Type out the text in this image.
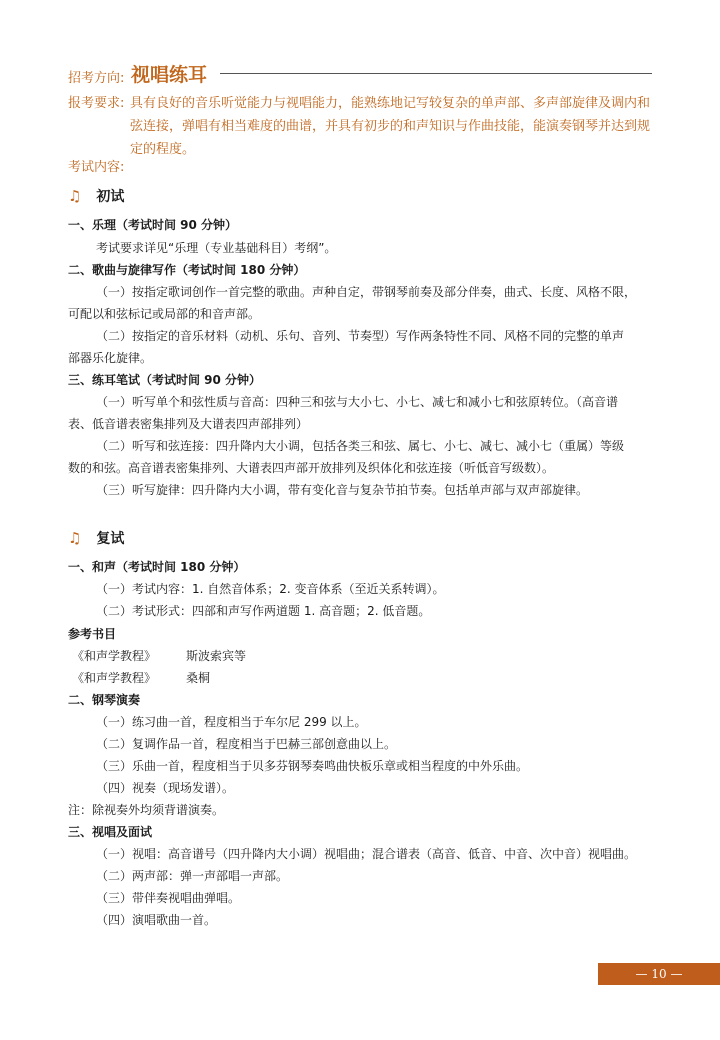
招考方向: 视唱练耳
报考要求: 具有良好的音乐听觉能力与视唱能力，能熟练地记写较复杂的单声部、多声部旋律及调内和弦连接，弹唱有相当难度的曲谱，并具有初步的和声知识与作曲技能，能演奏钢琴并达到规定的程度。
考试内容:
♫ 初试
一、乐理（考试时间 90 分钟）
考试要求详见“乐理（专业基础科目）考纲”。
二、歌曲与旋律写作（考试时间 180 分钟）
（一）按指定歌词创作一首完整的歌曲。声种自定，带钢琴前奏及部分伴奏，曲式、长度、风格不限，
可配以和弦标记或局部的和音声部。
（二）按指定的音乐材料（动机、乐句、音列、节奏型）写作两条特性不同、风格不同的完整的单声
部器乐化旋律。
三、练耳笔试（考试时间 90 分钟）
（一）听写单个和弦性质与音高：四种三和弦与大小七、小七、减七和减小七和弦原转位。（高音谱
表、低音谱表密集排列及大谱表四声部排列）
（二）听写和弦连接：四升降内大小调，包括各类三和弦、属七、小七、减七、减小七（重属）等级
数的和弦。高音谱表密集排列、大谱表四声部开放排列及织体化和弦连接（听低音写级数）。
（三）听写旋律：四升降内大小调，带有变化音与复杂节拍节奏。包括单声部与双声部旋律。
♫ 复试
一、和声（考试时间 180 分钟）
（一）考试内容：1. 自然音体系；2. 变音体系（至近关系转调）。
（二）考试形式：四部和声写作两道题 1. 高音题；2. 低音题。
参考书目
《和声学教程》 斯波索宾等
《和声学教程》 桑桐
二、钢琴演奏
（一）练习曲一首，程度相当于车尔尼 299 以上。
（二）复调作品一首，程度相当于巴赫三部创意曲以上。
（三）乐曲一首，程度相当于贝多芬钢琴奏鸣曲快板乐章或相当程度的中外乐曲。
（四）视奏（现场发谱）。
注：除视奏外均须背谱演奏。
三、视唱及面试
（一）视唱：高音谱号（四升降内大小调）视唱曲；混合谱表（高音、低音、中音、次中音）视唱曲。
（二）两声部：弹一声部唱一声部。
（三）带伴奏视唱曲弹唱。
（四）演唱歌曲一首。
— 10 —
